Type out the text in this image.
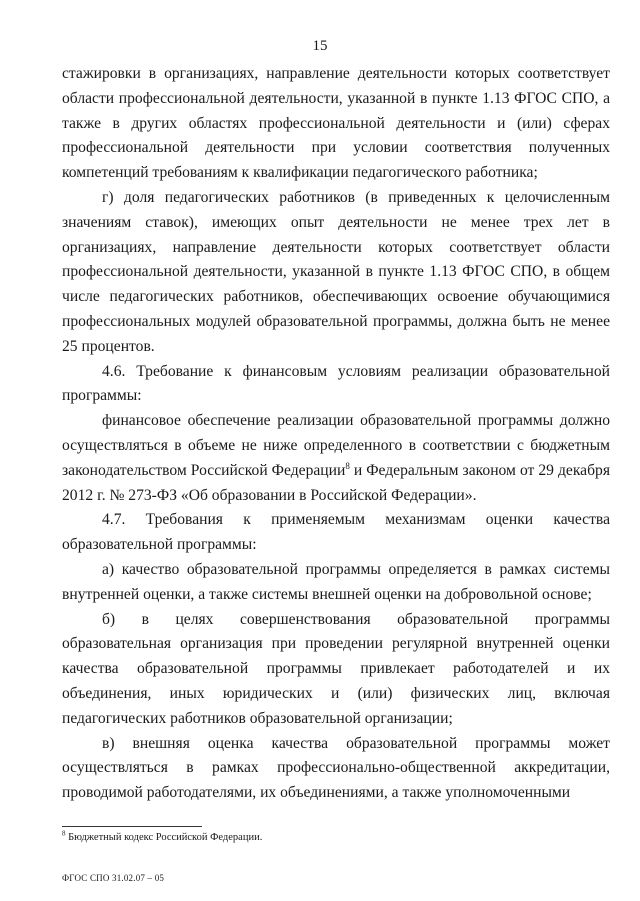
15

стажировки в организациях, направление деятельности которых соответствует области профессиональной деятельности, указанной в пункте 1.13 ФГОС СПО, а также в других областях профессиональной деятельности и (или) сферах профессиональной деятельности при условии соответствия полученных компетенций требованиям к квалификации педагогического работника;

г) доля педагогических работников (в приведенных к целочисленным значениям ставок), имеющих опыт деятельности не менее трех лет в организациях, направление деятельности которых соответствует области профессиональной деятельности, указанной в пункте 1.13 ФГОС СПО, в общем числе педагогических работников, обеспечивающих освоение обучающимися профессиональных модулей образовательной программы, должна быть не менее 25 процентов.

4.6. Требование к финансовым условиям реализации образовательной программы:

финансовое обеспечение реализации образовательной программы должно осуществляться в объеме не ниже определенного в соответствии с бюджетным законодательством Российской Федерации$^8$ и Федеральным законом от 29 декабря 2012 г. № 273-ФЗ «Об образовании в Российской Федерации».

4.7. Требования к применяемым механизмам оценки качества образовательной программы:

а) качество образовательной программы определяется в рамках системы внутренней оценки, а также системы внешней оценки на добровольной основе;

б) в целях совершенствования образовательной программы образовательная организация при проведении регулярной внутренней оценки качества образовательной программы привлекает работодателей и их объединения, иных юридических и (или) физических лиц, включая педагогических работников образовательной организации;

в) внешняя оценка качества образовательной программы может осуществляться в рамках профессионально-общественной аккредитации, проводимой работодателями, их объединениями, а также уполномоченными

$^8$ Бюджетный кодекс Российской Федерации.
ФГОС СПО 31.02.07 – 05
